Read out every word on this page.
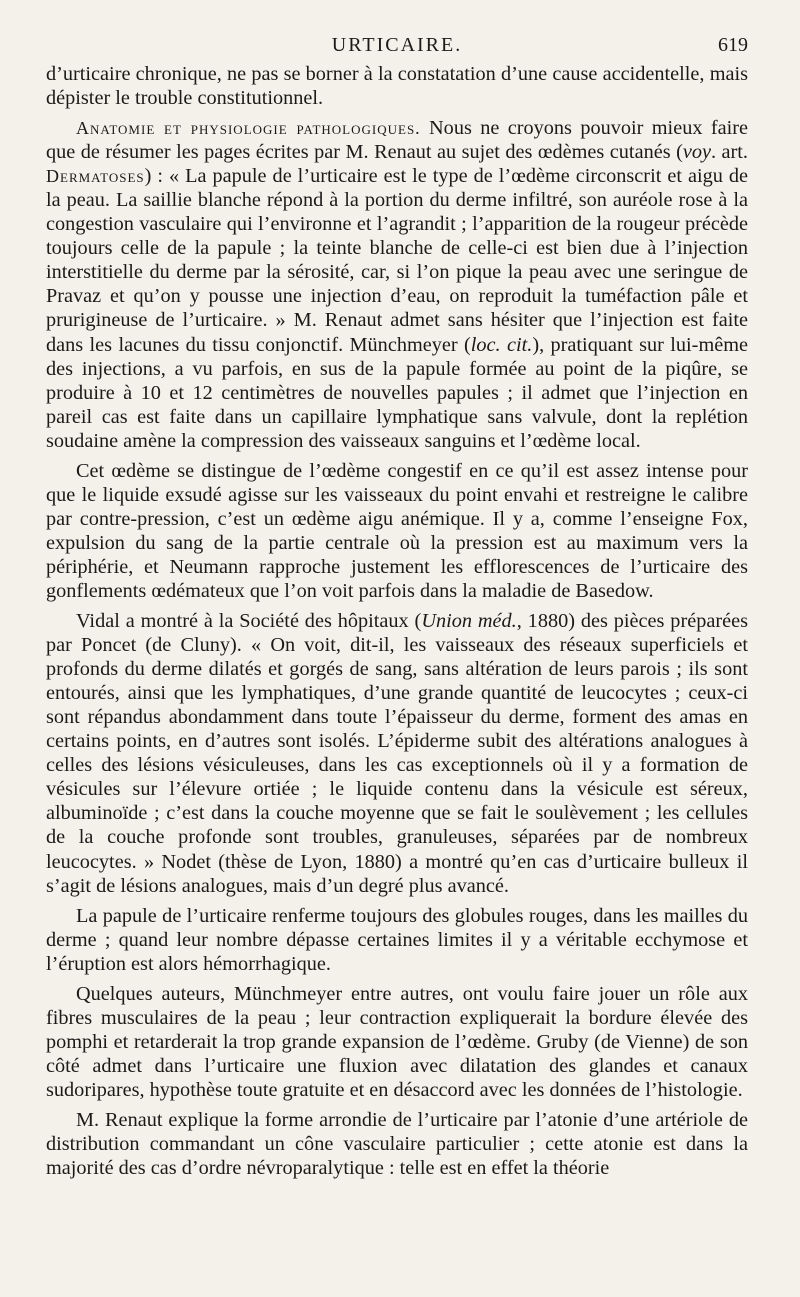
URTICAIRE.	619

d’urticaire chronique, ne pas se borner à la constatation d’une cause accidentelle, mais dépister le trouble constitutionnel.

Anatomie et physiologie pathologiques. Nous ne croyons pouvoir mieux faire que de résumer les pages écrites par M. Renaut au sujet des œdèmes cutanés (voy. art. Dermatoses) : « La papule de l’urticaire est le type de l’œdème circonscrit et aigu de la peau. La saillie blanche répond à la portion du derme infiltré, son auréole rose à la congestion vasculaire qui l’environne et l’agrandit ; l’apparition de la rougeur précède toujours celle de la papule ; la teinte blanche de celle-ci est bien due à l’injection interstitielle du derme par la sérosité, car, si l’on pique la peau avec une seringue de Pravaz et qu’on y pousse une injection d’eau, on reproduit la tuméfaction pâle et prurigineuse de l’urticaire. » M. Renaut admet sans hésiter que l’injection est faite dans les lacunes du tissu conjonctif. Münchmeyer (loc. cit.), pratiquant sur lui-même des injections, a vu parfois, en sus de la papule formée au point de la piqûre, se produire à 10 et 12 centimètres de nouvelles papules ; il admet que l’injection en pareil cas est faite dans un capillaire lymphatique sans valvule, dont la replétion soudaine amène la compression des vaisseaux sanguins et l’œdème local.

Cet œdème se distingue de l’œdème congestif en ce qu’il est assez intense pour que le liquide exsudé agisse sur les vaisseaux du point envahi et restreigne le calibre par contre-pression, c’est un œdème aigu anémique. Il y a, comme l’enseigne Fox, expulsion du sang de la partie centrale où la pression est au maximum vers la périphérie, et Neumann rapproche justement les efflorescences de l’urticaire des gonflements œdémateux que l’on voit parfois dans la maladie de Basedow.

Vidal a montré à la Société des hôpitaux (Union méd., 1880) des pièces préparées par Poncet (de Cluny). « On voit, dit-il, les vaisseaux des réseaux superficiels et profonds du derme dilatés et gorgés de sang, sans altération de leurs parois ; ils sont entourés, ainsi que les lymphatiques, d’une grande quantité de leucocytes ; ceux-ci sont répandus abondamment dans toute l’épaisseur du derme, forment des amas en certains points, en d’autres sont isolés. L’épiderme subit des altérations analogues à celles des lésions vésiculeuses, dans les cas exceptionnels où il y a formation de vésicules sur l’élevure ortiée ; le liquide contenu dans la vésicule est séreux, albuminoïde ; c’est dans la couche moyenne que se fait le soulèvement ; les cellules de la couche profonde sont troubles, granuleuses, séparées par de nombreux leucocytes. » Nodet (thèse de Lyon, 1880) a montré qu’en cas d’urticaire bulleux il s’agit de lésions analogues, mais d’un degré plus avancé.

La papule de l’urticaire renferme toujours des globules rouges, dans les mailles du derme ; quand leur nombre dépasse certaines limites il y a véritable ecchymose et l’éruption est alors hémorrhagique.

Quelques auteurs, Münchmeyer entre autres, ont voulu faire jouer un rôle aux fibres musculaires de la peau ; leur contraction expliquerait la bordure élevée des pomphi et retarderait la trop grande expansion de l’œdème. Gruby (de Vienne) de son côté admet dans l’urticaire une fluxion avec dilatation des glandes et canaux sudoripares, hypothèse toute gratuite et en désaccord avec les données de l’histologie.

M. Renaut explique la forme arrondie de l’urticaire par l’atonie d’une artériole de distribution commandant un cône vasculaire particulier ; cette atonie est dans la majorité des cas d’ordre névroparalytique : telle est en effet la théorie
